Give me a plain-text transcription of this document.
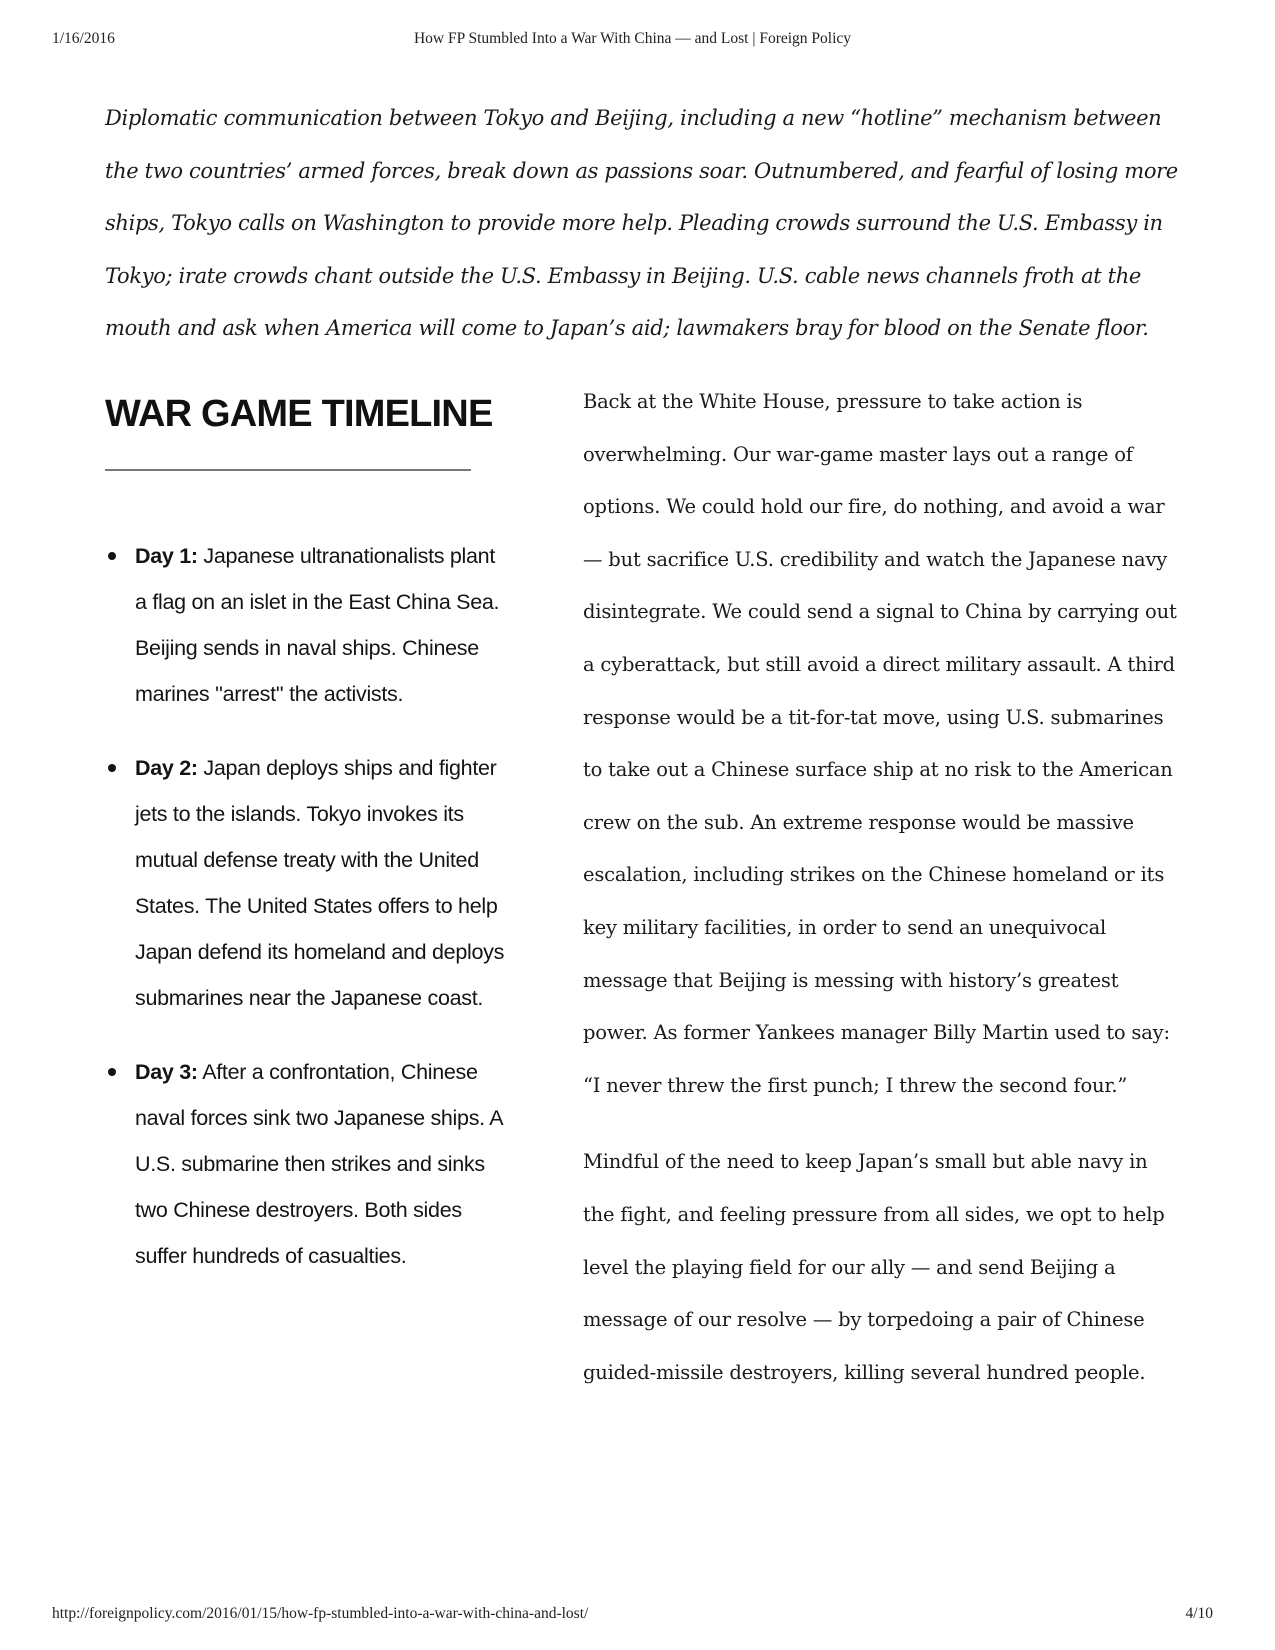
1/16/2016	How FP Stumbled Into a War With China — and Lost | Foreign Policy

Diplomatic communication between Tokyo and Beijing, including a new “hotline” mechanism between the two countries’ armed forces, break down as passions soar. Outnumbered, and fearful of losing more ships, Tokyo calls on Washington to provide more help. Pleading crowds surround the U.S. Embassy in Tokyo; irate crowds chant outside the U.S. Embassy in Beijing. U.S. cable news channels froth at the mouth and ask when America will come to Japan’s aid; lawmakers bray for blood on the Senate floor.

WAR GAME TIMELINE
Day 1: Japanese ultranationalists plant a flag on an islet in the East China Sea. Beijing sends in naval ships. Chinese marines ''arrest'' the activists.
Day 2: Japan deploys ships and fighter jets to the islands. Tokyo invokes its mutual defense treaty with the United States. The United States offers to help Japan defend its homeland and deploys submarines near the Japanese coast.
Day 3: After a confrontation, Chinese naval forces sink two Japanese ships. A U.S. submarine then strikes and sinks two Chinese destroyers. Both sides suffer hundreds of casualties.

Back at the White House, pressure to take action is overwhelming. Our war-game master lays out a range of options. We could hold our fire, do nothing, and avoid a war — but sacrifice U.S. credibility and watch the Japanese navy disintegrate. We could send a signal to China by carrying out a cyberattack, but still avoid a direct military assault. A third response would be a tit-for-tat move, using U.S. submarines to take out a Chinese surface ship at no risk to the American crew on the sub. An extreme response would be massive escalation, including strikes on the Chinese homeland or its key military facilities, in order to send an unequivocal message that Beijing is messing with history’s greatest power. As former Yankees manager Billy Martin used to say: “I never threw the first punch; I threw the second four.”

Mindful of the need to keep Japan’s small but able navy in the fight, and feeling pressure from all sides, we opt to help level the playing field for our ally — and send Beijing a message of our resolve — by torpedoing a pair of Chinese guided-missile destroyers, killing several hundred people.

http://foreignpolicy.com/2016/01/15/how-fp-stumbled-into-a-war-with-china-and-lost/	4/10
